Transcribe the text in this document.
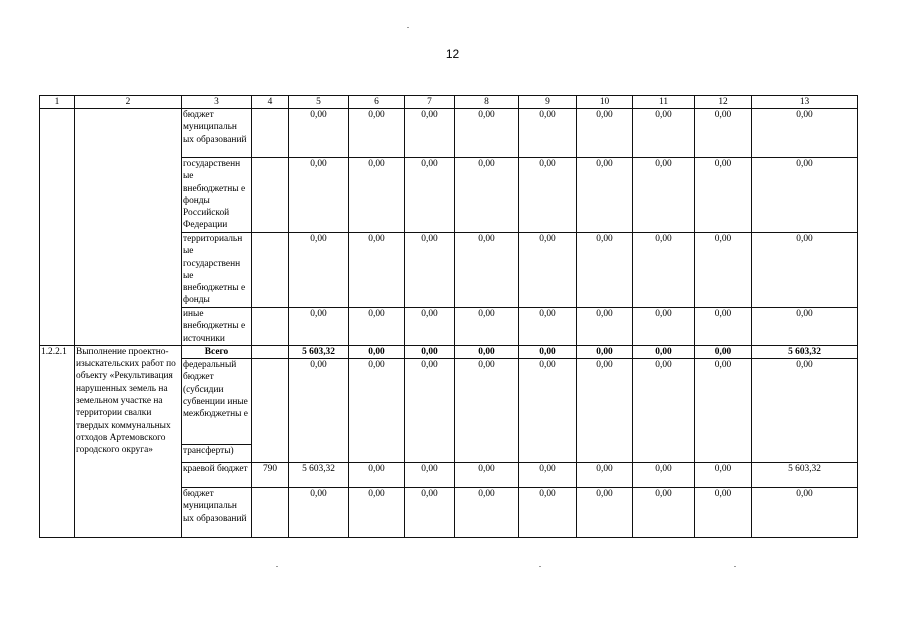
12
1	2	3	4	5	6	7	8	9	10	11	12	13
		бюджет муниципальн ых образований		0,00	0,00	0,00	0,00	0,00	0,00	0,00	0,00	0,00
		государственн ые внебюджетны е фонды Российской Федерации		0,00	0,00	0,00	0,00	0,00	0,00	0,00	0,00	0,00
		территориальн ые государственн ые внебюджетны е фонды		0,00	0,00	0,00	0,00	0,00	0,00	0,00	0,00	0,00
		иные внебюджетны е источники		0,00	0,00	0,00	0,00	0,00	0,00	0,00	0,00	0,00
1.2.2.1	Выполнение проектно-изыскательских работ по объекту «Рекультивация нарушенных земель на земельном участке на территории свалки твердых коммунальных отходов Артемовского городского округа»	Всего		5 603,32	0,00	0,00	0,00	0,00	0,00	0,00	0,00	5 603,32
		федеральный бюджет (субсидии субвенции иные межбюджетны е		0,00	0,00	0,00	0,00	0,00	0,00	0,00	0,00	0,00
		трансферты)										
		краевой бюджет	790	5 603,32	0,00	0,00	0,00	0,00	0,00	0,00	0,00	5 603,32
		бюджет муниципальн ых образований		0,00	0,00	0,00	0,00	0,00	0,00	0,00	0,00	0,00
